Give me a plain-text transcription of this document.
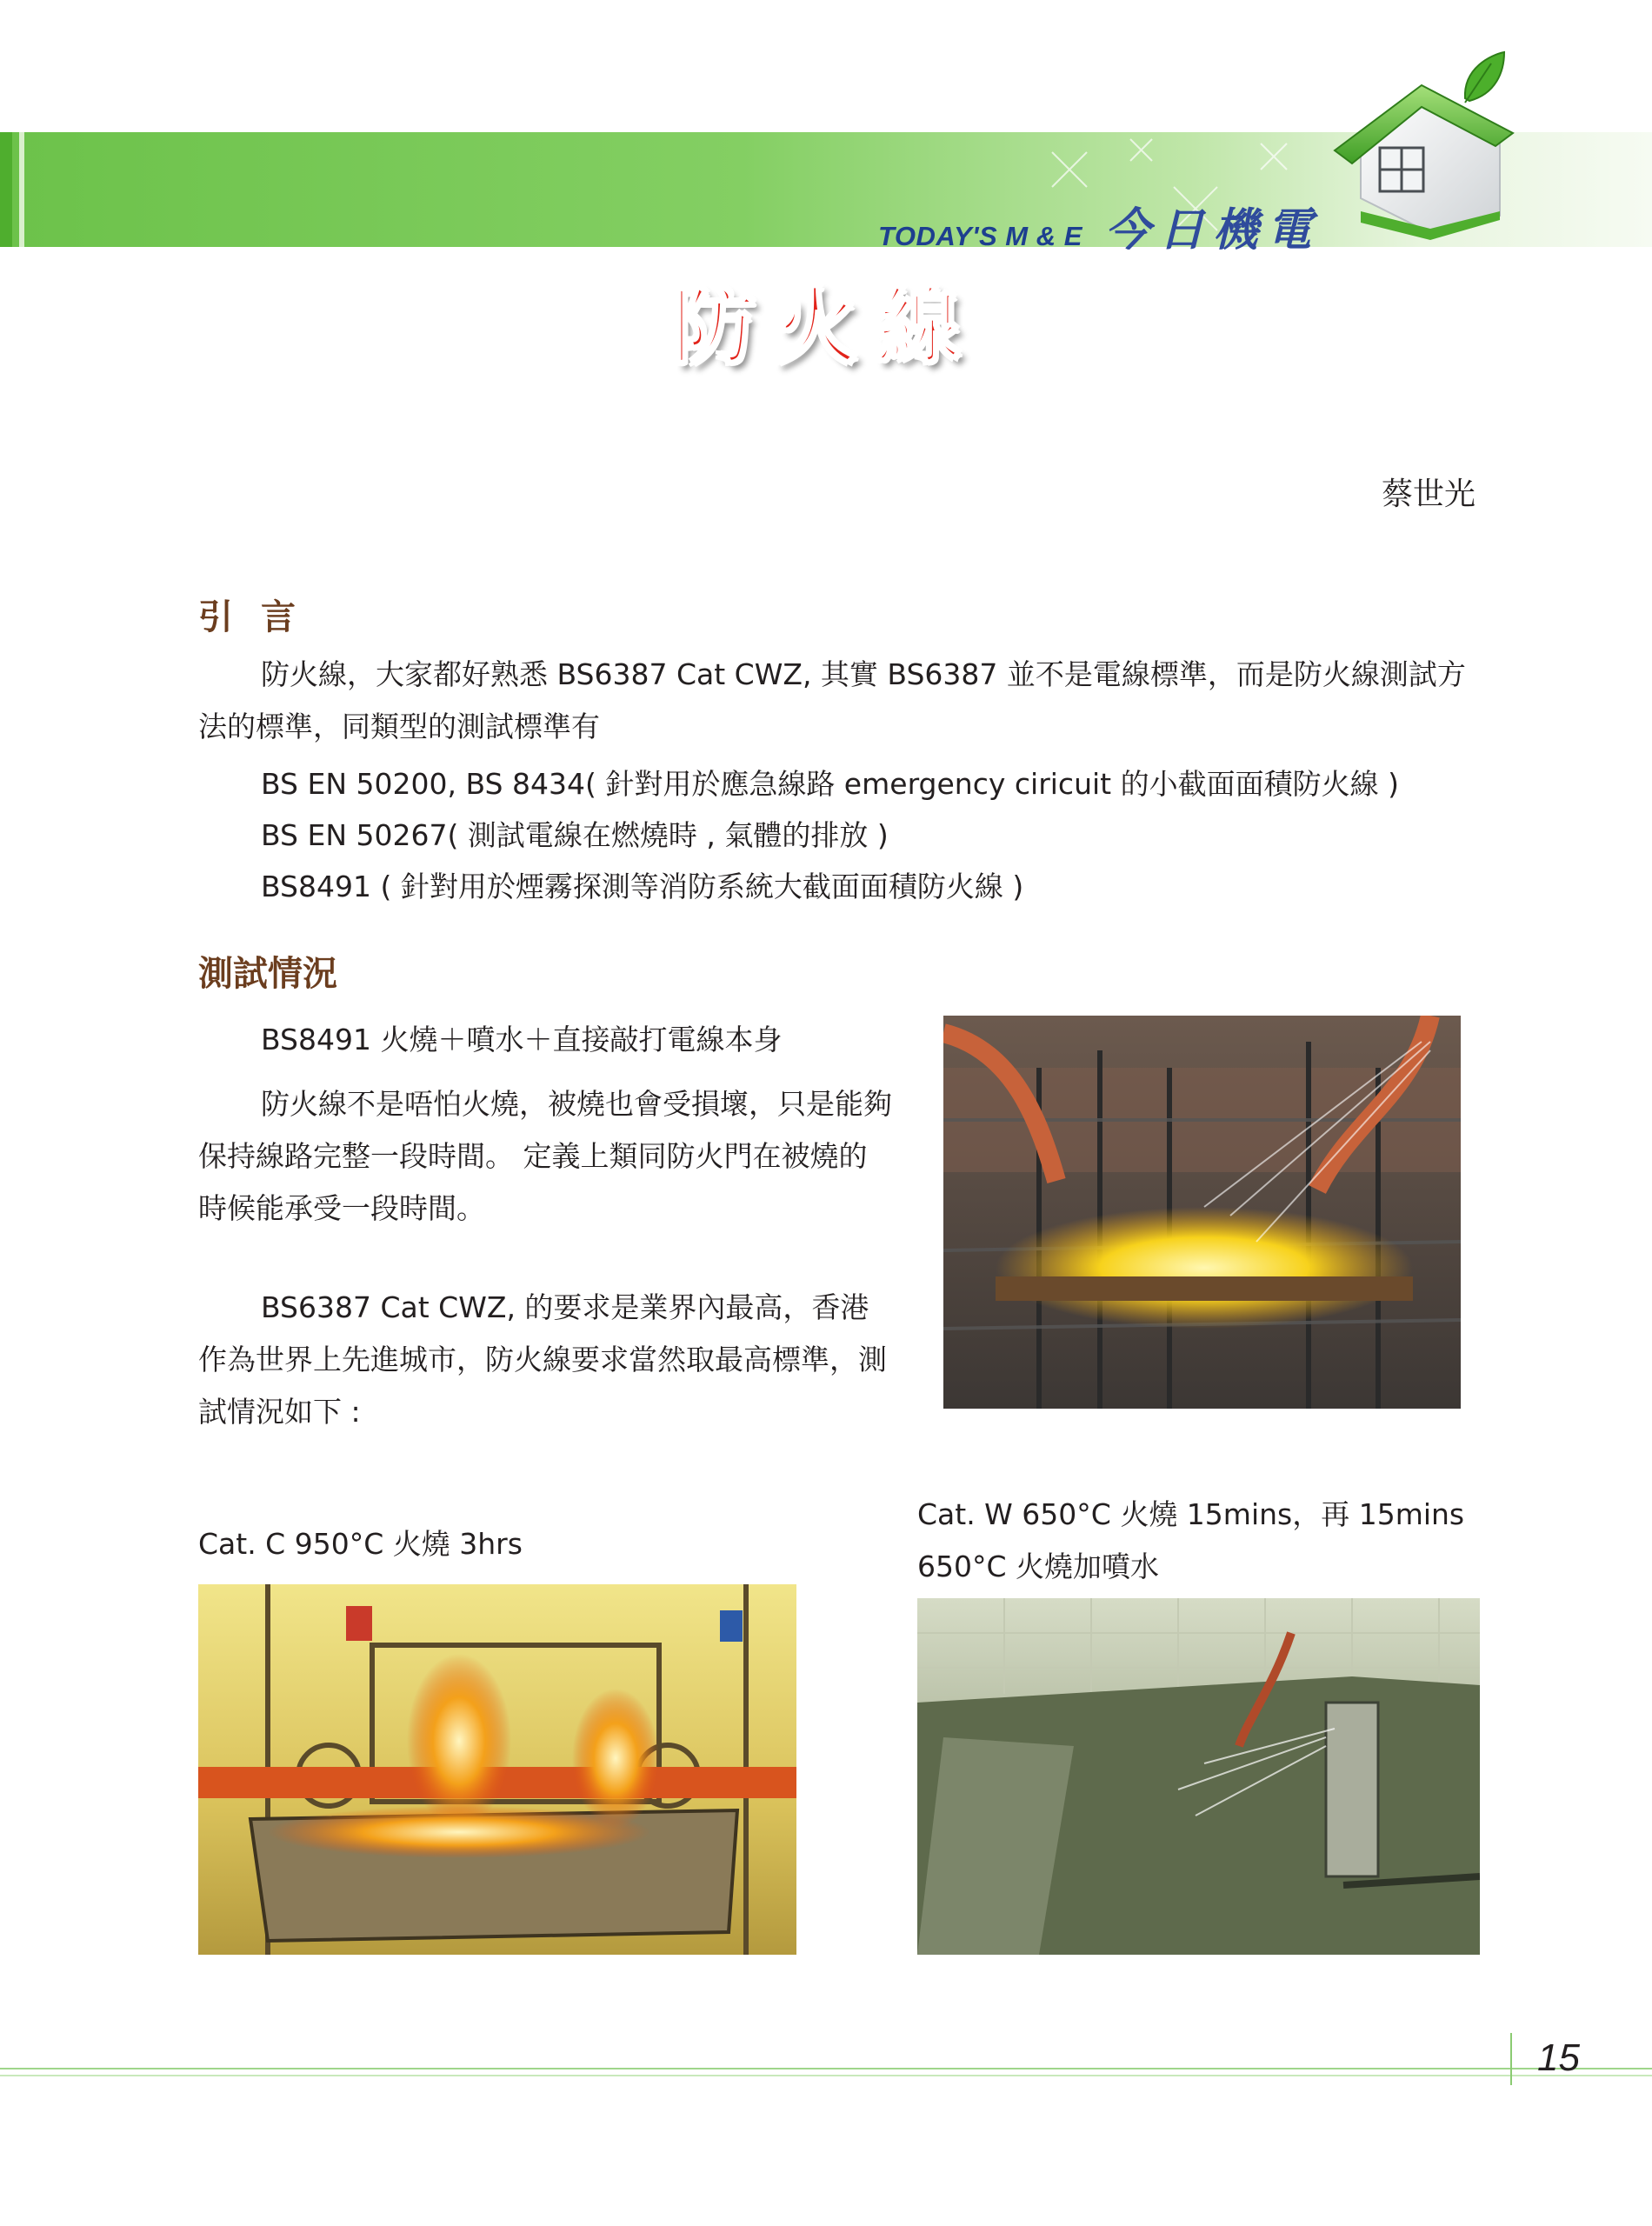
TODAY'S M & E 今日機電
防火線
蔡世光
引言
防火線，大家都好熟悉 BS6387 Cat CWZ, 其實 BS6387 並不是電線標準，而是防火線測試方法的標準，同類型的測試標準有
BS EN 50200, BS 8434( 針對用於應急線路 emergency ciricuit 的小截面面積防火線 )
BS EN 50267( 測試電線在燃燒時 , 氣體的排放 )
BS8491 ( 針對用於煙霧探測等消防系統大截面面積防火線 )
測試情況
BS8491 火燒＋噴水＋直接敲打電線本身
防火線不是唔怕火燒，被燒也會受損壞，只是能夠保持線路完整一段時間。 定義上類同防火門在被燒的時候能承受一段時間。
BS6387 Cat CWZ, 的要求是業界內最高，香港作為世界上先進城市，防火線要求當然取最高標準，測試情況如下 :
Cat. C 950°C 火燒 3hrs
Cat. W 650°C 火燒 15mins，再 15mins
650°C 火燒加噴水
15
